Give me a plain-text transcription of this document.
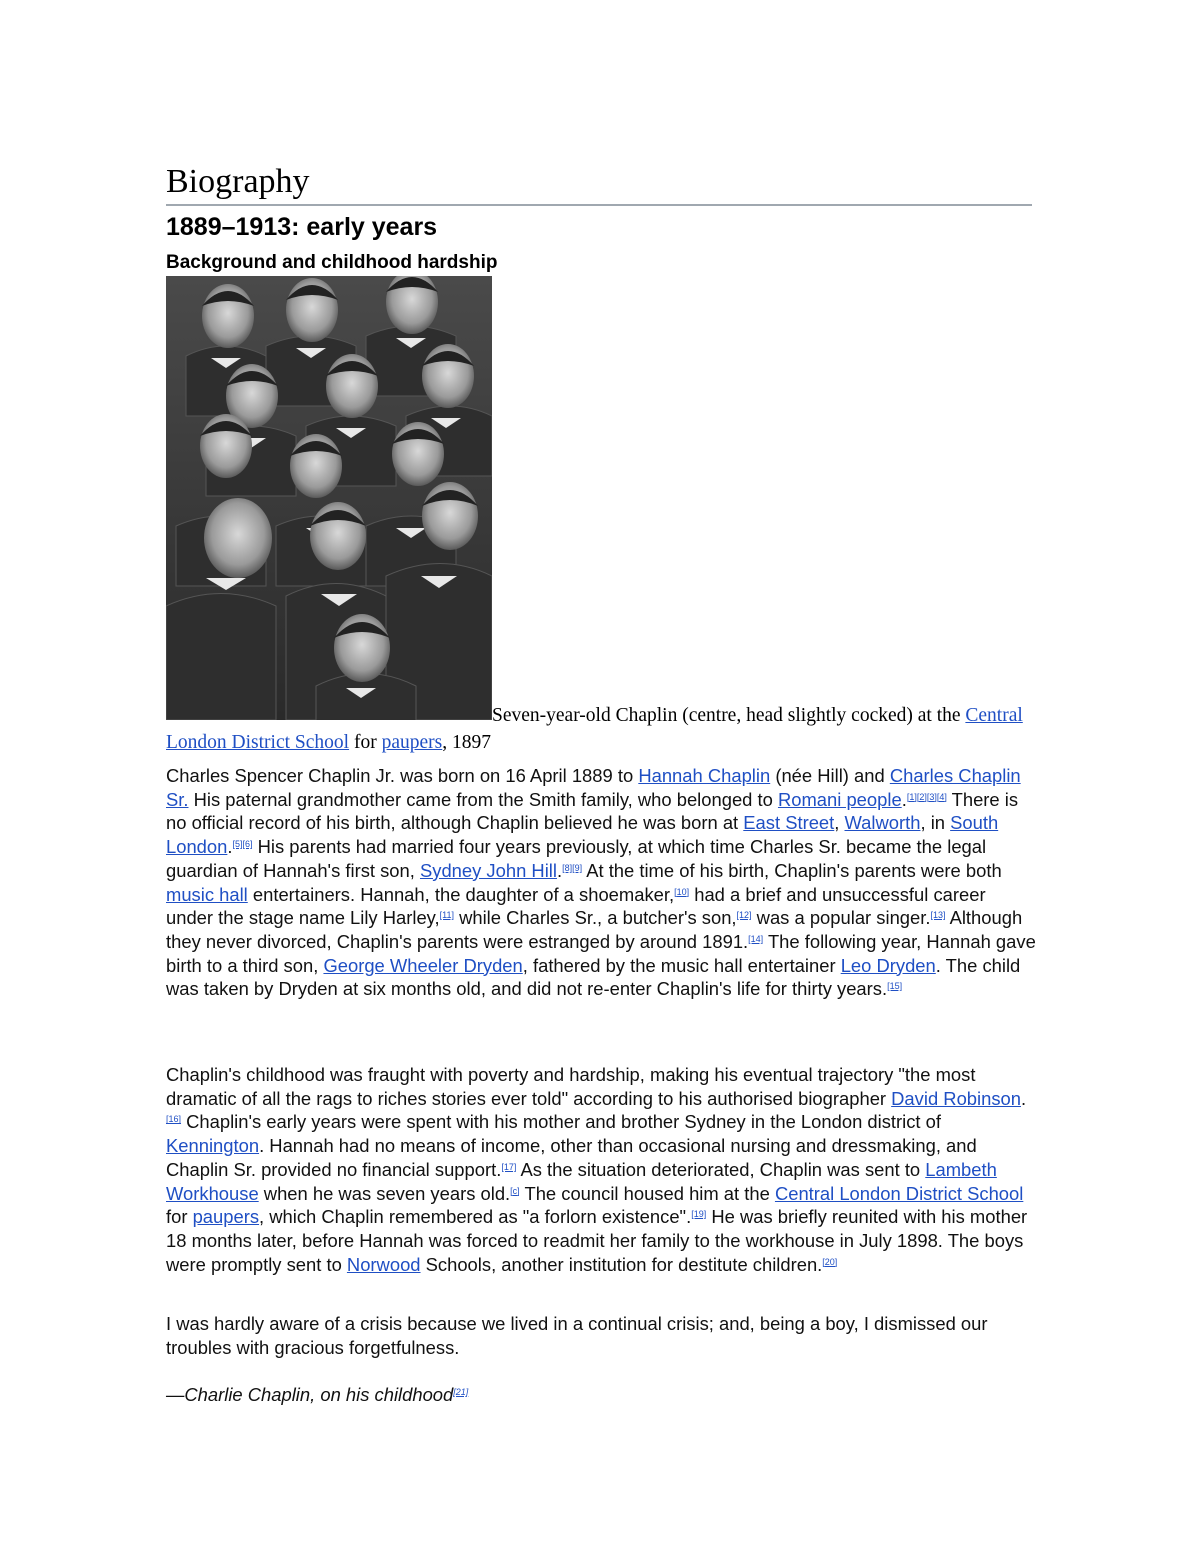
Biography
1889–1913: early years
Background and childhood hardship
Seven-year-old Chaplin (centre, head slightly cocked) at the Central London District School for paupers, 1897

Charles Spencer Chaplin Jr. was born on 16 April 1889 to Hannah Chaplin (née Hill) and Charles Chaplin Sr. His paternal grandmother came from the Smith family, who belonged to Romani people.[1][2][3][4] There is no official record of his birth, although Chaplin believed he was born at East Street, Walworth, in South London.[5][6] His parents had married four years previously, at which time Charles Sr. became the legal guardian of Hannah's first son, Sydney John Hill.[8][9] At the time of his birth, Chaplin's parents were both music hall entertainers. Hannah, the daughter of a shoemaker,[10] had a brief and unsuccessful career under the stage name Lily Harley,[11] while Charles Sr., a butcher's son,[12] was a popular singer.[13] Although they never divorced, Chaplin's parents were estranged by around 1891.[14] The following year, Hannah gave birth to a third son, George Wheeler Dryden, fathered by the music hall entertainer Leo Dryden. The child was taken by Dryden at six months old, and did not re-enter Chaplin's life for thirty years.[15]

Chaplin's childhood was fraught with poverty and hardship, making his eventual trajectory "the most dramatic of all the rags to riches stories ever told" according to his authorised biographer David Robinson.[16] Chaplin's early years were spent with his mother and brother Sydney in the London district of Kennington. Hannah had no means of income, other than occasional nursing and dressmaking, and Chaplin Sr. provided no financial support.[17] As the situation deteriorated, Chaplin was sent to Lambeth Workhouse when he was seven years old.[c] The council housed him at the Central London District School for paupers, which Chaplin remembered as "a forlorn existence".[19] He was briefly reunited with his mother 18 months later, before Hannah was forced to readmit her family to the workhouse in July 1898. The boys were promptly sent to Norwood Schools, another institution for destitute children.[20]

I was hardly aware of a crisis because we lived in a continual crisis; and, being a boy, I dismissed our troubles with gracious forgetfulness.

—Charlie Chaplin, on his childhood[21]
